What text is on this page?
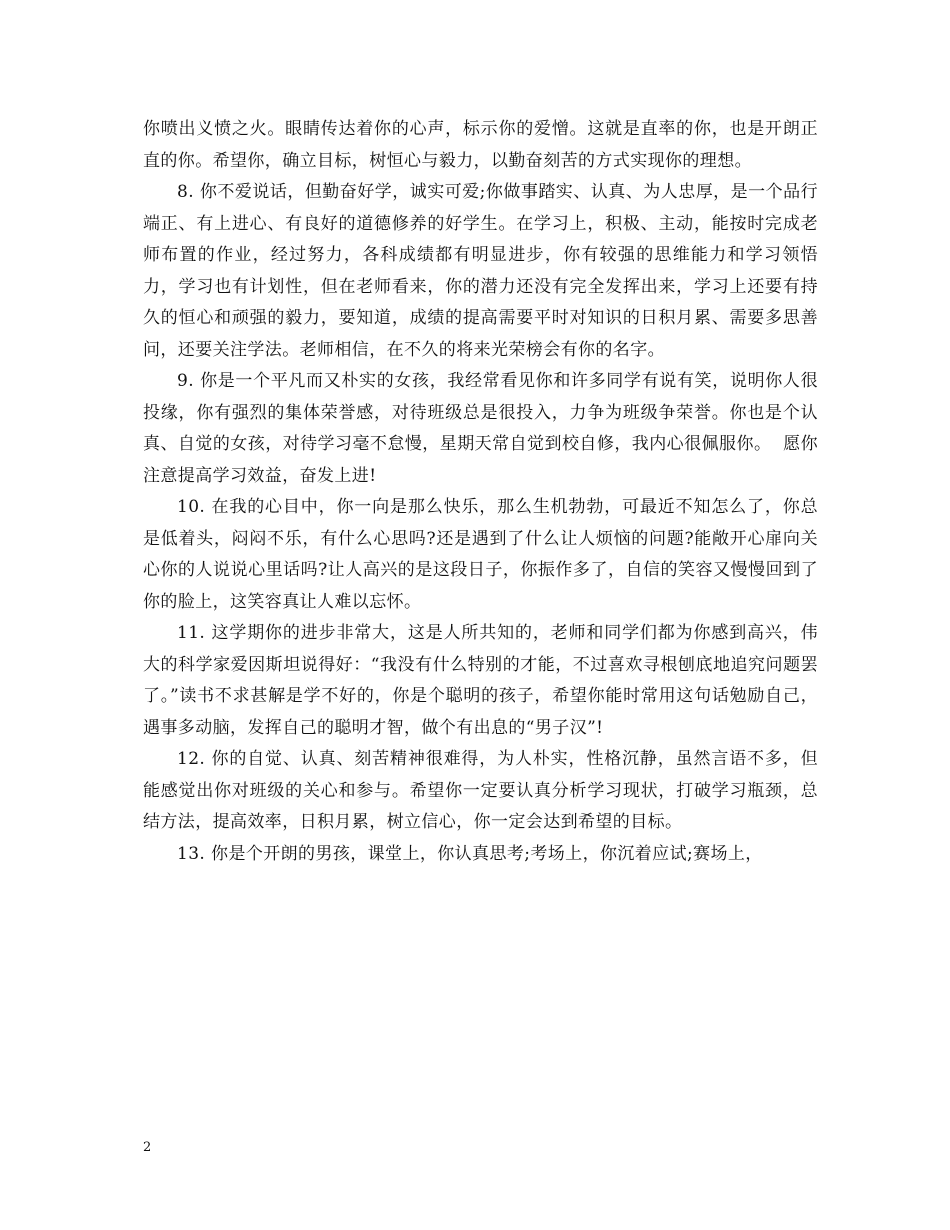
你喷出义愤之火。眼睛传达着你的心声，标示你的爱憎。这就是直率的你，也是开朗正直的你。希望你，确立目标，树恒心与毅力，以勤奋刻苦的方式实现你的理想。

8. 你不爱说话，但勤奋好学，诚实可爱;你做事踏实、认真、为人忠厚，是一个品行端正、有上进心、有良好的道德修养的好学生。在学习上，积极、主动，能按时完成老师布置的作业，经过努力，各科成绩都有明显进步，你有较强的思维能力和学习领悟力，学习也有计划性，但在老师看来，你的潜力还没有完全发挥出来，学习上还要有持久的恒心和顽强的毅力，要知道，成绩的提高需要平时对知识的日积月累、需要多思善问，还要关注学法。老师相信，在不久的将来光荣榜会有你的名字。

9. 你是一个平凡而又朴实的女孩，我经常看见你和许多同学有说有笑，说明你人很投缘，你有强烈的集体荣誉感，对待班级总是很投入，力争为班级争荣誉。你也是个认真、自觉的女孩，对待学习毫不怠慢，星期天常自觉到校自修，我内心很佩服你。  愿你注意提高学习效益，奋发上进!

10. 在我的心目中，你一向是那么快乐，那么生机勃勃，可最近不知怎么了，你总是低着头，闷闷不乐，有什么心思吗?还是遇到了什么让人烦恼的问题?能敞开心扉向关心你的人说说心里话吗?让人高兴的是这段日子，你振作多了，自信的笑容又慢慢回到了你的脸上，这笑容真让人难以忘怀。

11. 这学期你的进步非常大，这是人所共知的，老师和同学们都为你感到高兴，伟大的科学家爱因斯坦说得好：“我没有什么特别的才能，不过喜欢寻根刨底地追究问题罢了。”读书不求甚解是学不好的，你是个聪明的孩子，希望你能时常用这句话勉励自己，遇事多动脑，发挥自己的聪明才智，做个有出息的“男子汉”!

12. 你的自觉、认真、刻苦精神很难得，为人朴实，性格沉静，虽然言语不多，但能感觉出你对班级的关心和参与。希望你一定要认真分析学习现状，打破学习瓶颈，总结方法，提高效率，日积月累，树立信心，你一定会达到希望的目标。

13. 你是个开朗的男孩，课堂上，你认真思考;考场上，你沉着应试;赛场上，

2
